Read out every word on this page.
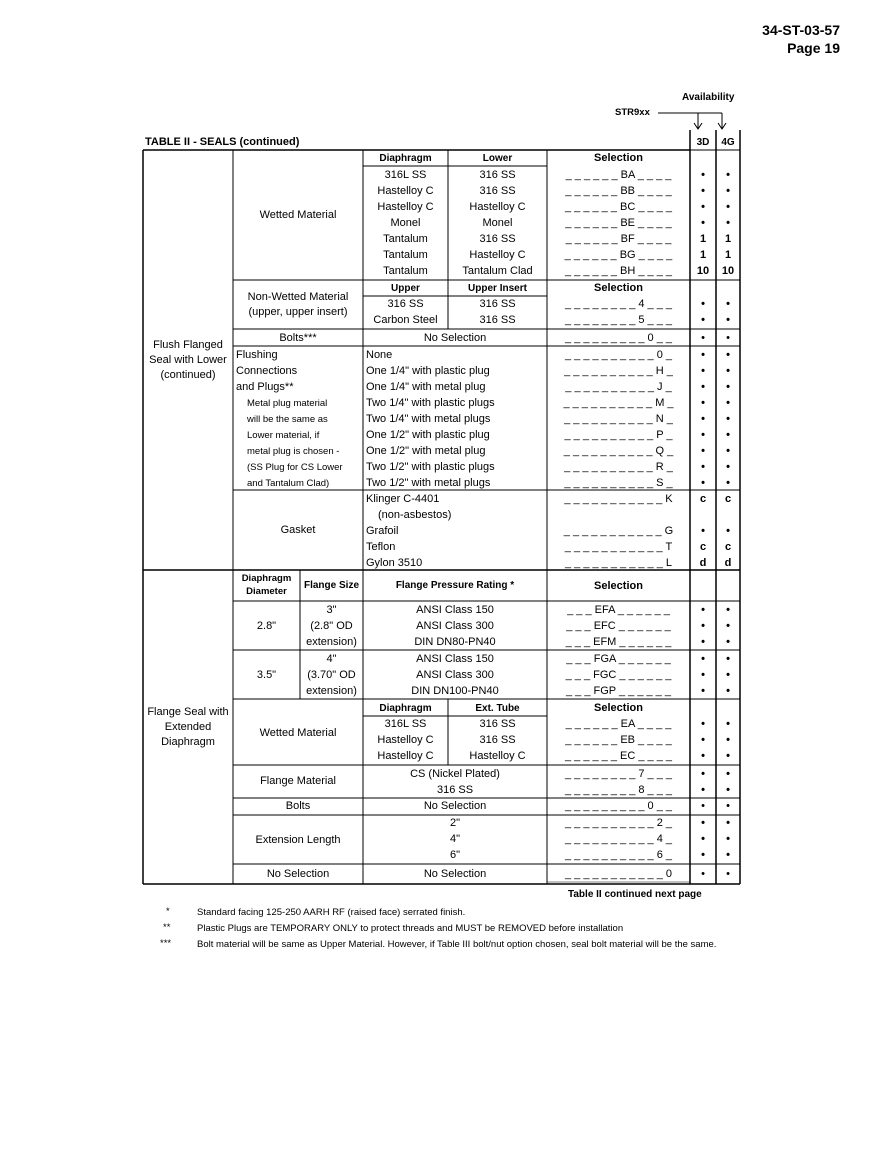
34-ST-03-57
Page 19
Availability
STR9xx
TABLE II - SEALS (continued)	3D	4G
Flush Flanged
Seal with Lower
(continued)
Wetted Material
Diaphragm	Lower	Selection
316L SS	316 SS	_ _ _ _ _ _ BA _ _ _ _	•	•
Hastelloy C	316 SS	_ _ _ _ _ _ BB _ _ _ _	•	•
Hastelloy C	Hastelloy C	_ _ _ _ _ _ BC _ _ _ _	•	•
Monel	Monel	_ _ _ _ _ _ BE _ _ _ _	•	•
Tantalum	316 SS	_ _ _ _ _ _ BF _ _ _ _	1	1
Tantalum	Hastelloy C	_ _ _ _ _ _ BG _ _ _ _	1	1
Tantalum	Tantalum Clad	_ _ _ _ _ _ BH _ _ _ _	10	10
Non-Wetted Material
(upper, upper insert)
Upper	Upper Insert	Selection
316 SS	316 SS	_ _ _ _ _ _ _ _ 4 _ _ _	•	•
Carbon Steel	316 SS	_ _ _ _ _ _ _ _ 5 _ _ _	•	•
Bolts***	No Selection	_ _ _ _ _ _ _ _ _ 0 _ _	•	•
Flushing
Connections
and Plugs**
Metal plug material
will be the same as
Lower material, if
metal plug is chosen -
(SS Plug for CS Lower
and Tantalum Clad)
None	_ _ _ _ _ _ _ _ _ _ 0 _	•	•
One 1/4" with plastic plug	_ _ _ _ _ _ _ _ _ _ H _	•	•
One 1/4" with metal plug	_ _ _ _ _ _ _ _ _ _ J _	•	•
Two 1/4" with plastic plugs	_ _ _ _ _ _ _ _ _ _ M _	•	•
Two 1/4" with metal plugs	_ _ _ _ _ _ _ _ _ _ N _	•	•
One 1/2" with plastic plug	_ _ _ _ _ _ _ _ _ _ P _	•	•
One 1/2" with metal plug	_ _ _ _ _ _ _ _ _ _ Q _	•	•
Two 1/2" with plastic plugs	_ _ _ _ _ _ _ _ _ _ R _	•	•
Two 1/2" with metal plugs	_ _ _ _ _ _ _ _ _ _ S _	•	•
Gasket
Klinger C-4401	_ _ _ _ _ _ _ _ _ _ _ K	c	c
(non-asbestos)
Grafoil	_ _ _ _ _ _ _ _ _ _ _ G	•	•
Teflon	_ _ _ _ _ _ _ _ _ _ _ T	c	c
Gylon 3510	_ _ _ _ _ _ _ _ _ _ _ L	d	d
Flange Seal with
Extended
Diaphragm
Diaphragm
Diameter
Flange Size	Flange Pressure Rating *	Selection
2.8"
3"
(2.8" OD
extension)
ANSI Class 150	_ _ _ EFA _ _ _ _ _ _	•	•
ANSI Class 300	_ _ _ EFC _ _ _ _ _ _	•	•
DIN DN80-PN40	_ _ _ EFM _ _ _ _ _ _	•	•
3.5"
4"
(3.70" OD
extension)
ANSI Class 150	_ _ _ FGA _ _ _ _ _ _	•	•
ANSI Class 300	_ _ _ FGC _ _ _ _ _ _	•	•
DIN DN100-PN40	_ _ _ FGP _ _ _ _ _ _	•	•
Wetted Material
Diaphragm	Ext. Tube	Selection
316L SS	316 SS	_ _ _ _ _ _ EA _ _ _ _	•	•
Hastelloy C	316 SS	_ _ _ _ _ _ EB _ _ _ _	•	•
Hastelloy C	Hastelloy C	_ _ _ _ _ _ EC _ _ _ _	•	•
Flange Material
CS (Nickel Plated)	_ _ _ _ _ _ _ _ 7 _ _ _	•	•
316 SS	_ _ _ _ _ _ _ _ 8 _ _ _	•	•
Bolts	No Selection	_ _ _ _ _ _ _ _ _ 0 _ _	•	•
Extension Length
2"	_ _ _ _ _ _ _ _ _ _ 2 _	•	•
4"	_ _ _ _ _ _ _ _ _ _ 4 _	•	•
6"	_ _ _ _ _ _ _ _ _ _ 6 _	•	•
No Selection	No Selection	_ _ _ _ _ _ _ _ _ _ _ 0	•	•
Table II continued next page
*	Standard facing 125-250 AARH RF (raised face) serrated finish.
**	Plastic Plugs are TEMPORARY ONLY to protect threads and MUST be REMOVED before installation
***	Bolt material will be same as Upper Material. However, if Table III bolt/nut option chosen, seal bolt material will be the same.
